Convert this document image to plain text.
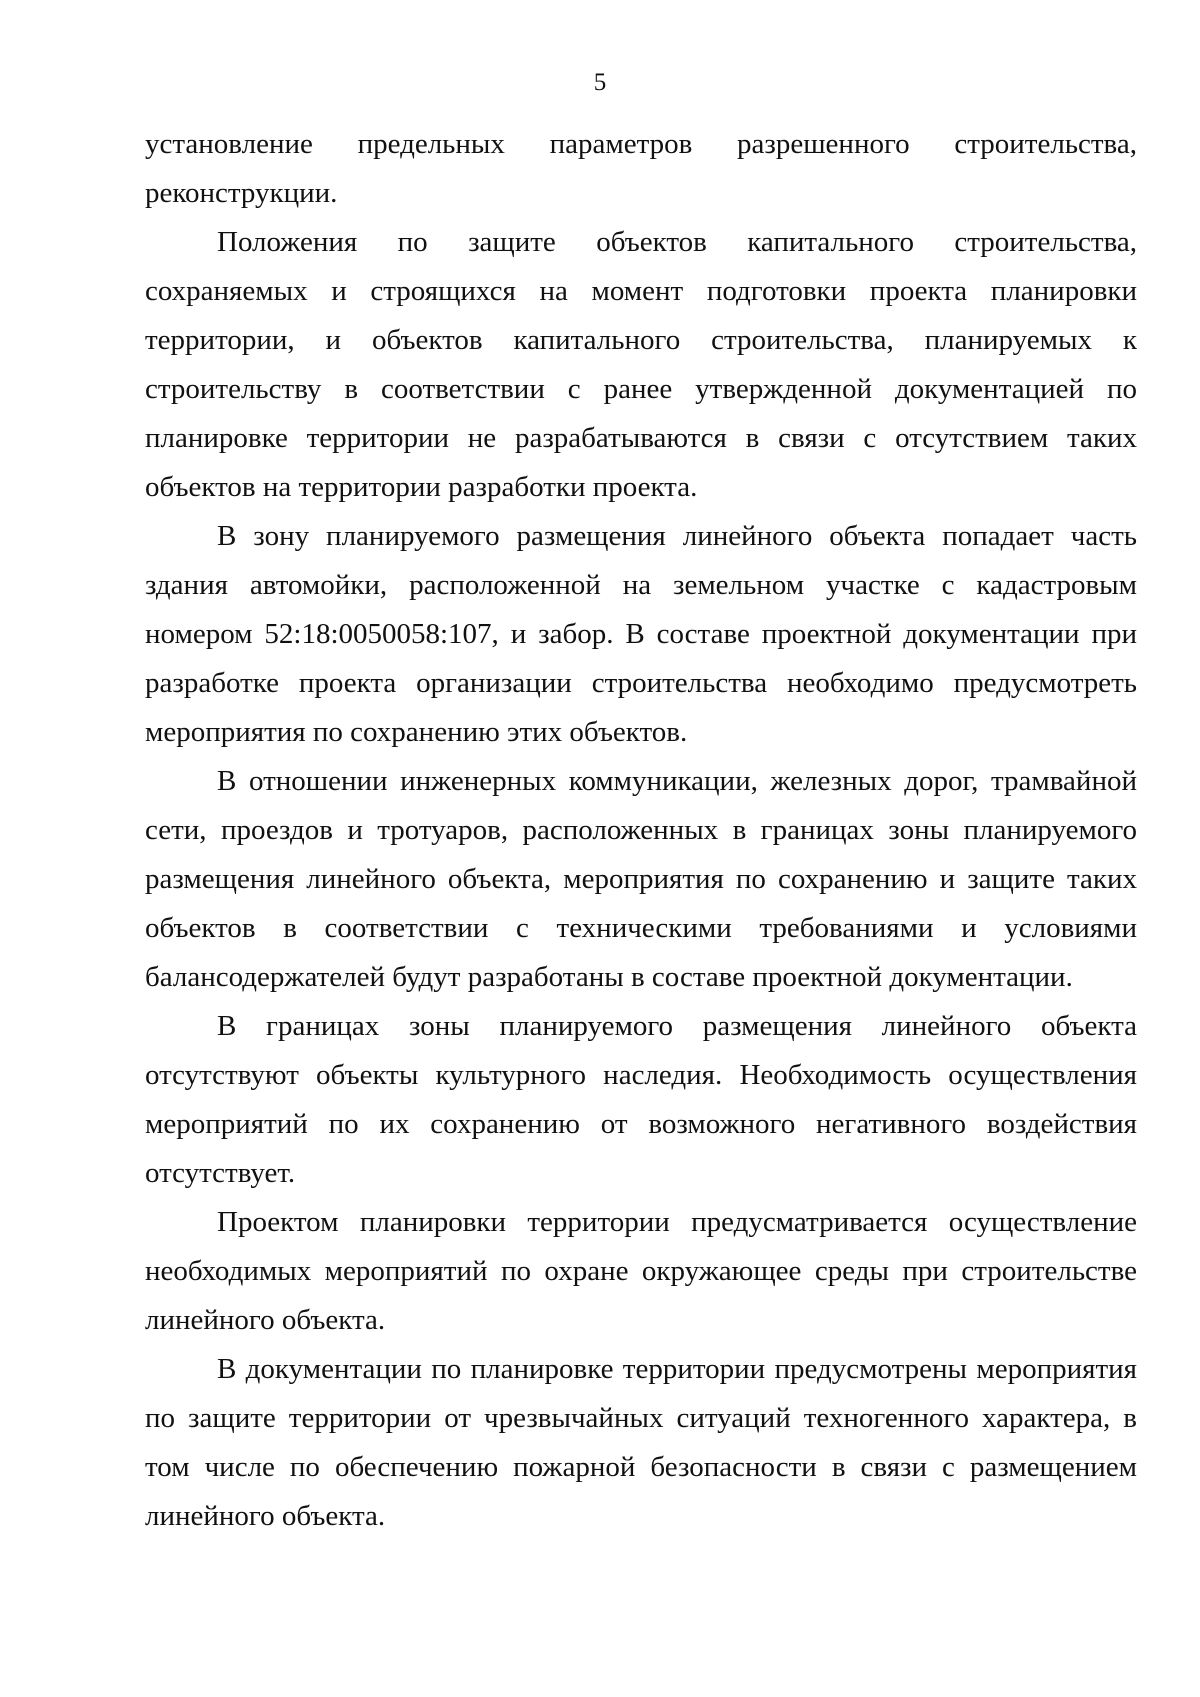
5

установление предельных параметров разрешенного строительства, реконструкции.

Положения по защите объектов капитального строительства, сохраняемых и строящихся на момент подготовки проекта планировки территории, и объектов капитального строительства, планируемых к строительству в соответствии с ранее утвержденной документацией по планировке территории не разрабатываются в связи с отсутствием таких объектов на территории разработки проекта.

В зону планируемого размещения линейного объекта попадает часть здания автомойки, расположенной на земельном участке с кадастровым номером 52:18:0050058:107, и забор. В составе проектной документации при разработке проекта организации строительства необходимо предусмотреть мероприятия по сохранению этих объектов.

В отношении инженерных коммуникации, железных дорог, трамвайной сети, проездов и тротуаров, расположенных в границах зоны планируемого размещения линейного объекта, мероприятия по сохранению и защите таких объектов в соответствии с техническими требованиями и условиями балансодержателей будут разработаны в составе проектной документации.

В границах зоны планируемого размещения линейного объекта отсутствуют объекты культурного наследия. Необходимость осуществления мероприятий по их сохранению от возможного негативного воздействия отсутствует.

Проектом планировки территории предусматривается осуществление необходимых мероприятий по охране окружающее среды при строительстве линейного объекта.

В документации по планировке территории предусмотрены мероприятия по защите территории от чрезвычайных ситуаций техногенного характера, в том числе по обеспечению пожарной безопасности в связи с размещением линейного объекта.
